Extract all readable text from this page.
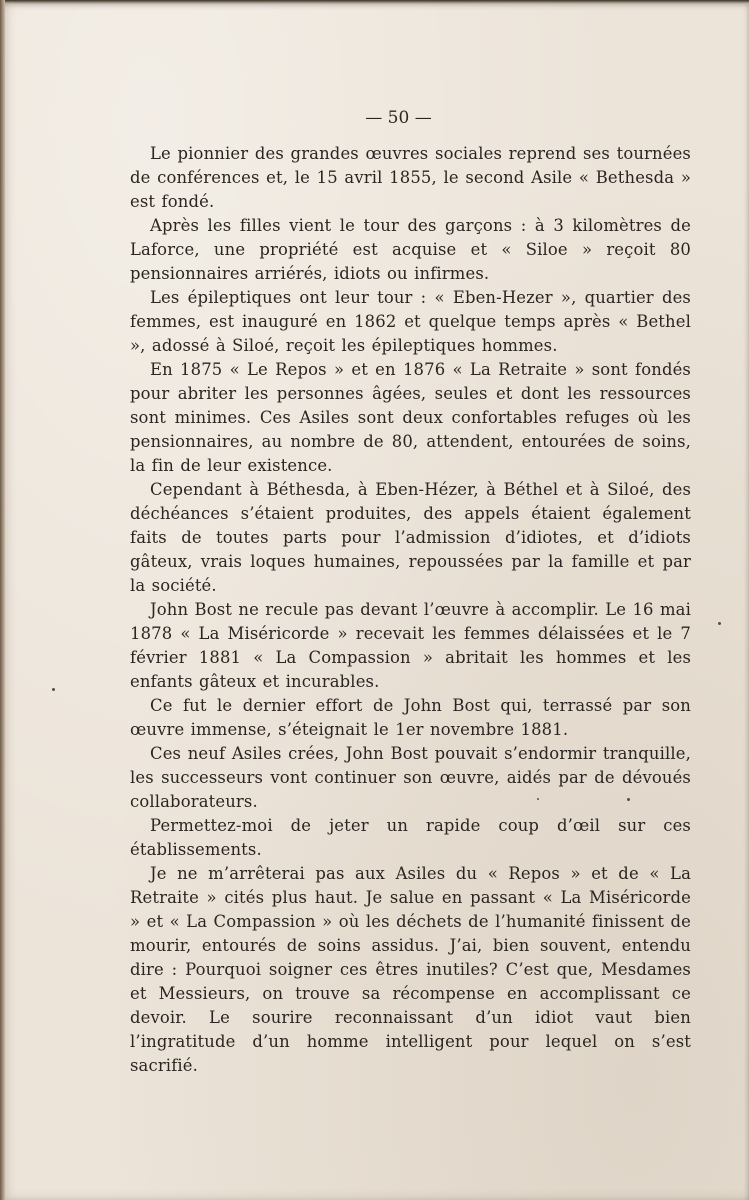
— 50 —

Le pionnier des grandes œuvres sociales reprend ses tournées de conférences et, le 15 avril 1855, le second Asile « Bethesda » est fondé.

Après les filles vient le tour des garçons : à 3 kilomètres de Laforce, une propriété est acquise et « Siloe » reçoit 80 pensionnaires arriérés, idiots ou infirmes.

Les épileptiques ont leur tour : « Eben-Hezer », quartier des femmes, est inauguré en 1862 et quelque temps après « Bethel », adossé à Siloé, reçoit les épileptiques hommes.

En 1875 « Le Repos » et en 1876 « La Retraite » sont fondés pour abriter les personnes âgées, seules et dont les ressources sont minimes. Ces Asiles sont deux confortables refuges où les pensionnaires, au nombre de 80, attendent, entourées de soins, la fin de leur existence.

Cependant à Béthesda, à Eben-Hézer, à Béthel et à Siloé, des déchéances s’étaient produites, des appels étaient également faits de toutes parts pour l’admission d’idiotes, et d’idiots gâteux, vrais loques humaines, repoussées par la famille et par la société.

John Bost ne recule pas devant l’œuvre à accomplir. Le 16 mai 1878 « La Miséricorde » recevait les femmes délaissées et le 7 février 1881 « La Compassion » abritait les hommes et les enfants gâteux et incurables.

Ce fut le dernier effort de John Bost qui, terrassé par son œuvre immense, s’éteignait le 1er novembre 1881.

Ces neuf Asiles crées, John Bost pouvait s’endormir tranquille, les successeurs vont continuer son œuvre, aidés par de dévoués collaborateurs.

Permettez-moi de jeter un rapide coup d’œil sur ces établissements.

Je ne m’arrêterai pas aux Asiles du « Repos » et de « La Retraite » cités plus haut. Je salue en passant « La Miséricorde » et « La Compassion » où les déchets de l’humanité finissent de mourir, entourés de soins assidus. J’ai, bien souvent, entendu dire : Pourquoi soigner ces êtres inutiles? C’est que, Mesdames et Messieurs, on trouve sa récompense en accomplissant ce devoir. Le sourire reconnaissant d’un idiot vaut bien l’ingratitude d’un homme intelligent pour lequel on s’est sacrifié.
